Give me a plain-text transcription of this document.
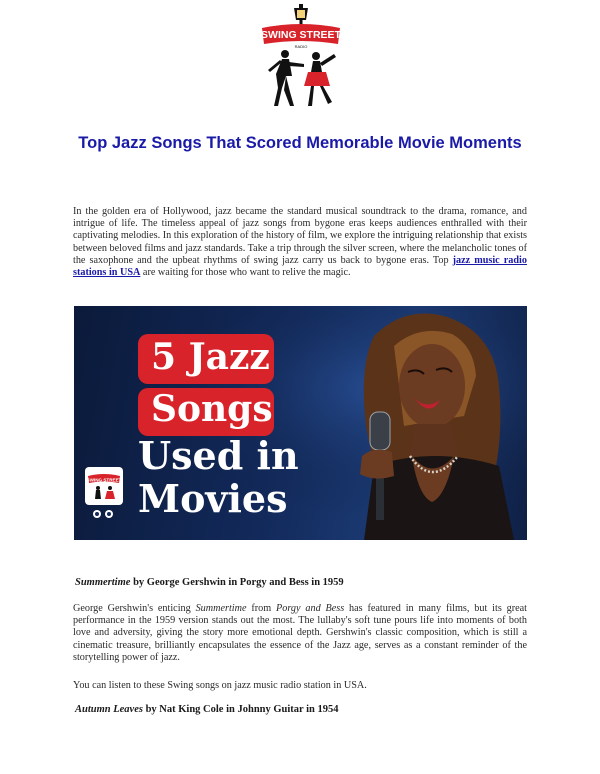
SWING STREET
RADIO
Top Jazz Songs That Scored Memorable Movie Moments
In the golden era of Hollywood, jazz became the standard musical soundtrack to the drama, romance, and intrigue of life. The timeless appeal of jazz songs from bygone eras keeps audiences enthralled with their captivating melodies. In this exploration of the history of film, we explore the intriguing relationship that exists between beloved films and jazz standards. Take a trip through the silver screen, where the melancholic tones of the saxophone and the upbeat rhythms of swing jazz carry us back to bygone eras. Top jazz music radio stations in USA are waiting for those who want to relive the magic.
5 Jazz
Songs
Used in
Movies
SWING STREET
Summertime by George Gershwin in Porgy and Bess in 1959
George Gershwin's enticing Summertime from Porgy and Bess has featured in many films, but its great performance in the 1959 version stands out the most. The lullaby's soft tune pours life into moments of both love and adversity, giving the story more emotional depth. Gershwin's classic composition, which is still a cinematic treasure, brilliantly encapsulates the essence of the Jazz age, serves as a constant reminder of the storytelling power of jazz.
You can listen to these Swing songs on jazz music radio station in USA.
Autumn Leaves by Nat King Cole in Johnny Guitar in 1954
